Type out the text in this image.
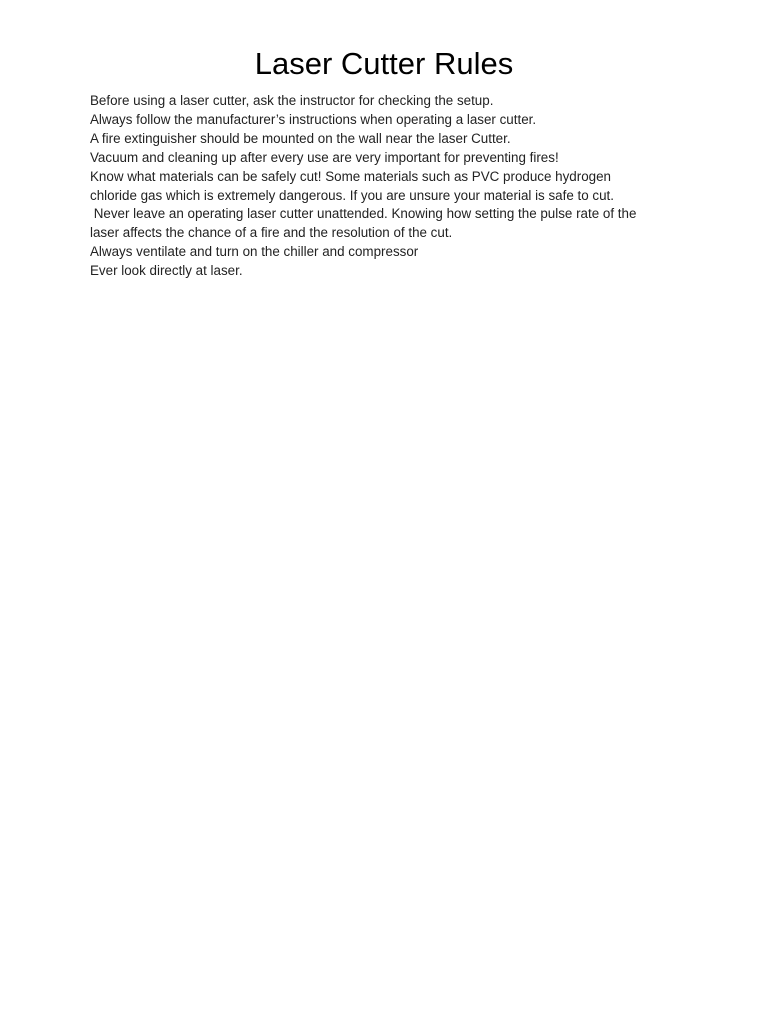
Laser Cutter Rules
Before using a laser cutter, ask the instructor for checking the setup.
Always follow the manufacturer’s instructions when operating a laser cutter.
A fire extinguisher should be mounted on the wall near the laser Cutter.
Vacuum and cleaning up after every use are very important for preventing fires!
Know what materials can be safely cut! Some materials such as PVC produce hydrogen
chloride gas which is extremely dangerous. If you are unsure your material is safe to cut.
Never leave an operating laser cutter unattended. Knowing how setting the pulse rate of the
laser affects the chance of a fire and the resolution of the cut.
Always ventilate and turn on the chiller and compressor
Ever look directly at laser.
